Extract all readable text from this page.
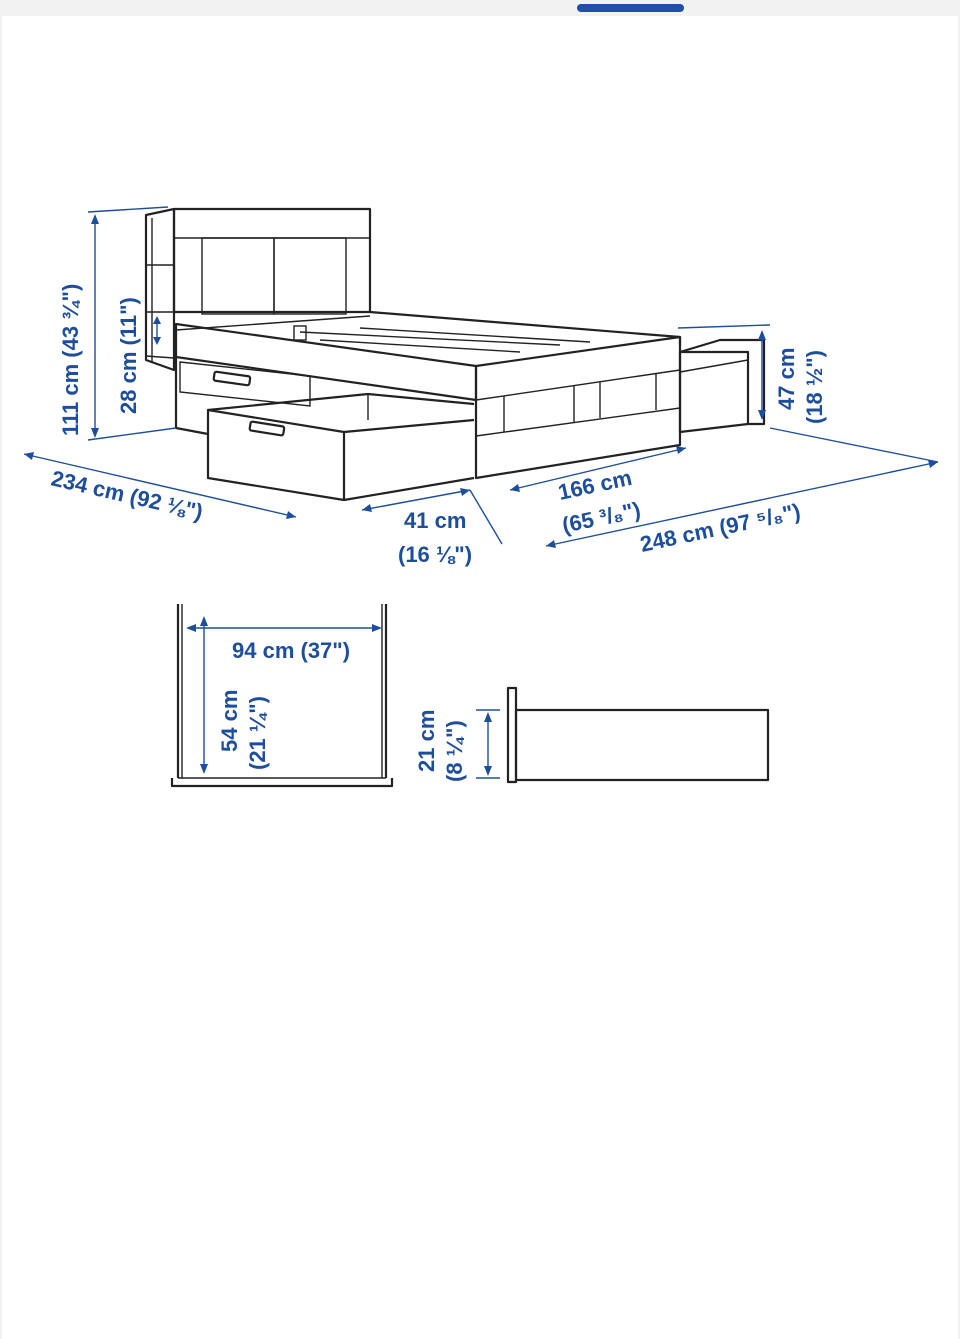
111 cm (43 ¾") 28 cm (11")
234 cm (92 ⅛")	41 cm
(16 ⅛")
166 cm
(65 ³/₈")
248 cm (97 ⁵/₈")
47 cm (18 ½")
94 cm (37")
54 cm (21 ¼")	21 cm (8 ¼")
